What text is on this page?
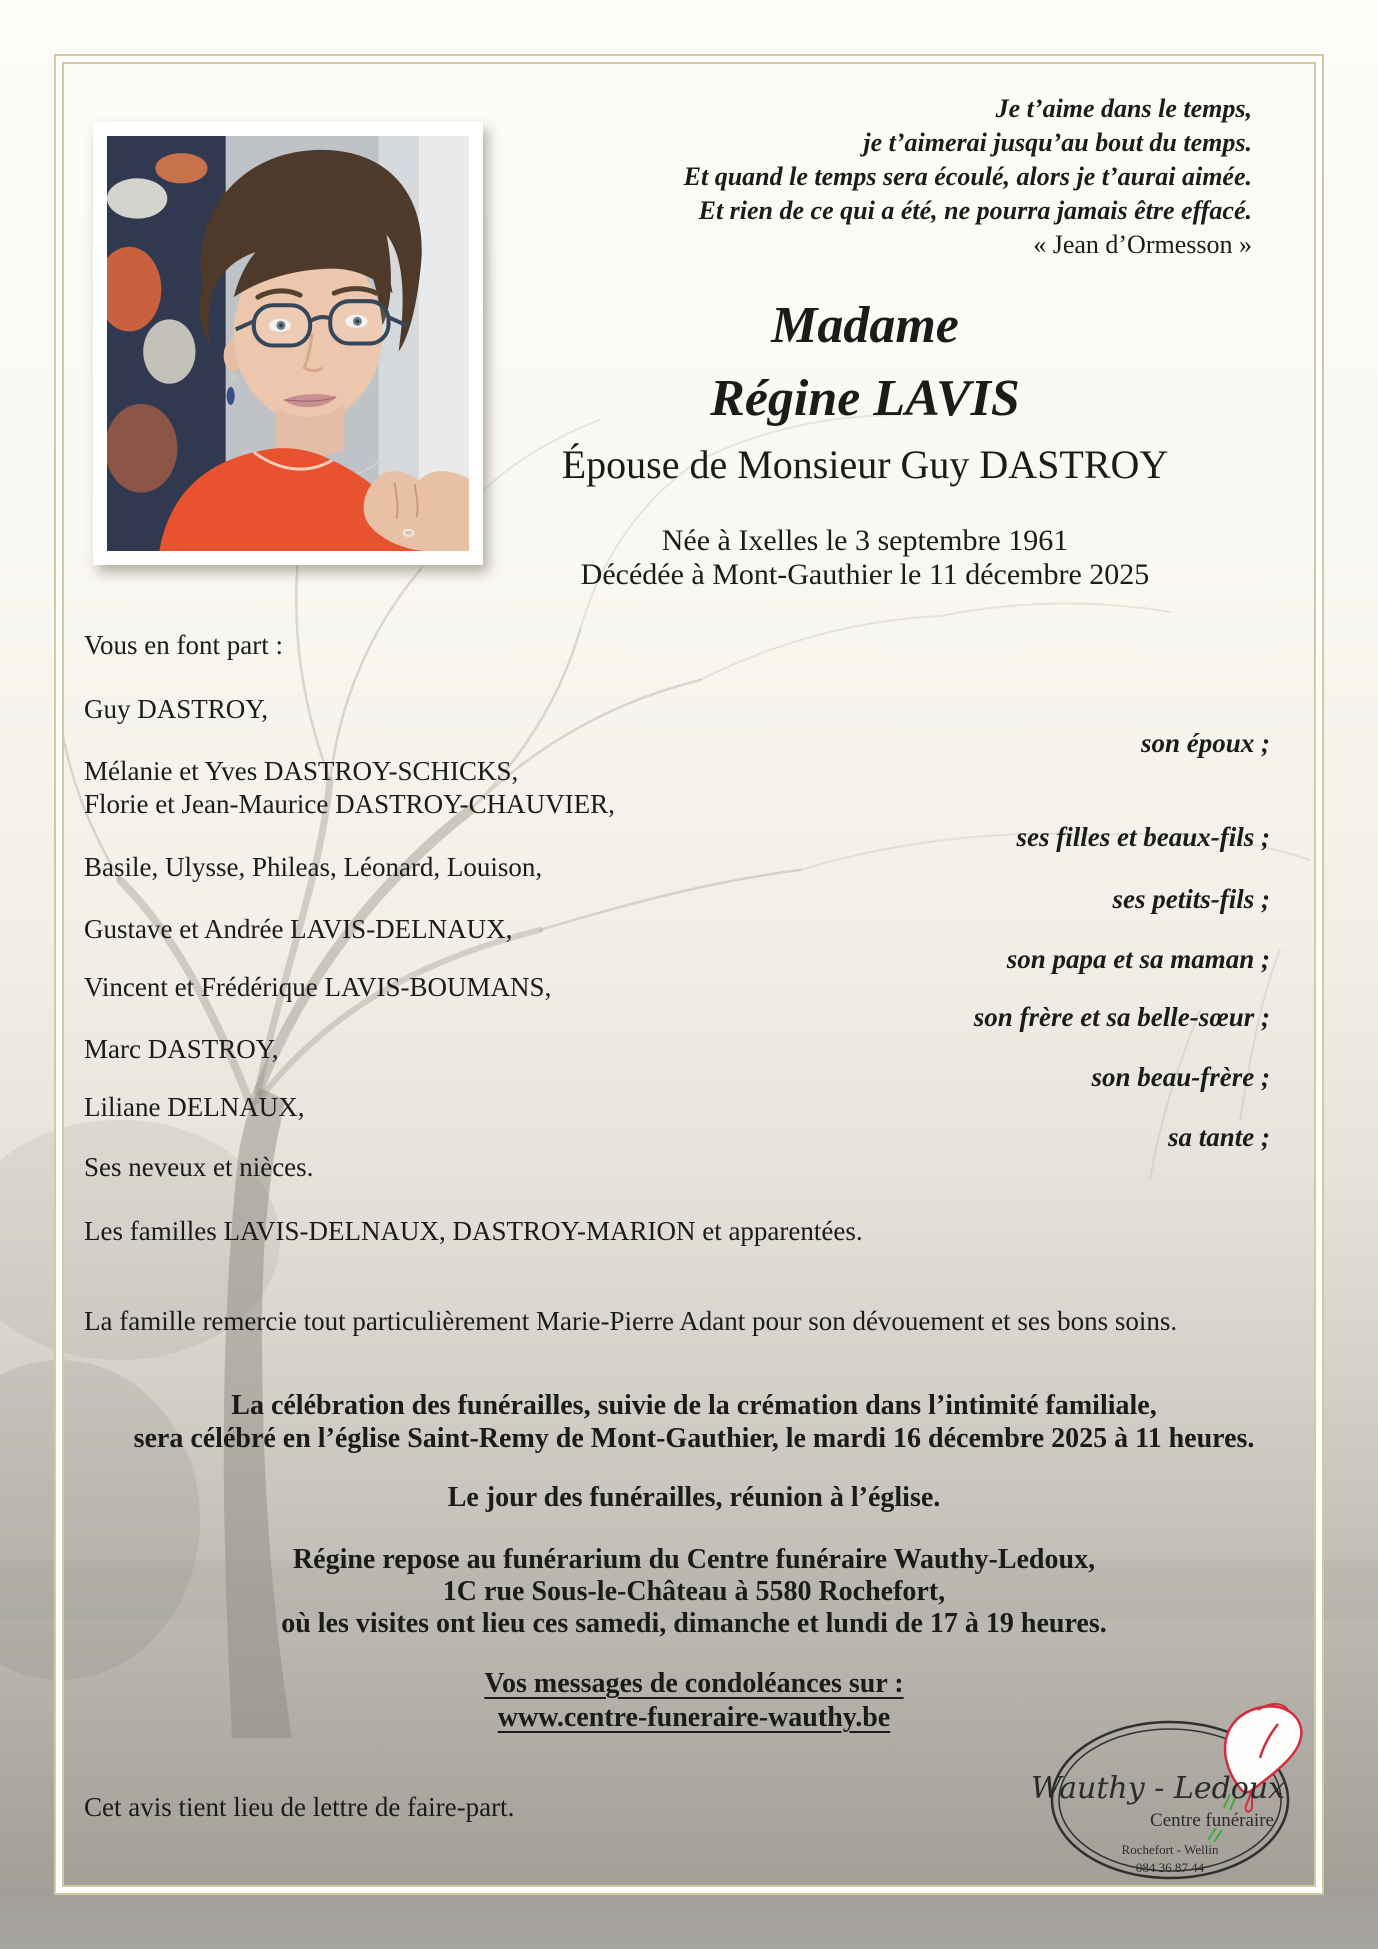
Je t’aime dans le temps,
je t’aimerai jusqu’au bout du temps.
Et quand le temps sera écoulé, alors je t’aurai aimée.
Et rien de ce qui a été, ne pourra jamais être effacé.
« Jean d’Ormesson »
Madame
Régine LAVIS
Épouse de Monsieur Guy DASTROY
Née à Ixelles le 3 septembre 1961
Décédée à Mont-Gauthier le 11 décembre 2025
Vous en font part :
Guy DASTROY,
son époux ;
Mélanie et Yves DASTROY-SCHICKS,
Florie et Jean-Maurice DASTROY-CHAUVIER,
ses filles et beaux-fils ;
Basile, Ulysse, Phileas, Léonard, Louison,
ses petits-fils ;
Gustave et Andrée LAVIS-DELNAUX,
son papa et sa maman ;
Vincent et Frédérique LAVIS-BOUMANS,
son frère et sa belle-sœur ;
Marc DASTROY,
son beau-frère ;
Liliane DELNAUX,
sa tante ;
Ses neveux et nièces.
Les familles LAVIS-DELNAUX, DASTROY-MARION et apparentées.
La famille remercie tout particulièrement Marie-Pierre Adant pour son dévouement et ses bons soins.
La célébration des funérailles, suivie de la crémation dans l’intimité familiale,
sera célébré en l’église Saint-Remy de Mont-Gauthier, le mardi 16 décembre 2025 à 11 heures.
Le jour des funérailles, réunion à l’église.
Régine repose au funérarium du Centre funéraire Wauthy-Ledoux,
1C rue Sous-le-Château à 5580 Rochefort,
où les visites ont lieu ces samedi, dimanche et lundi de 17 à 19 heures.
Vos messages de condoléances sur :
www.centre-funeraire-wauthy.be
Cet avis tient lieu de lettre de faire-part.
Wauthy - Ledoux
Centre funéraire
Rochefort - Wellin
084 36 87 44
